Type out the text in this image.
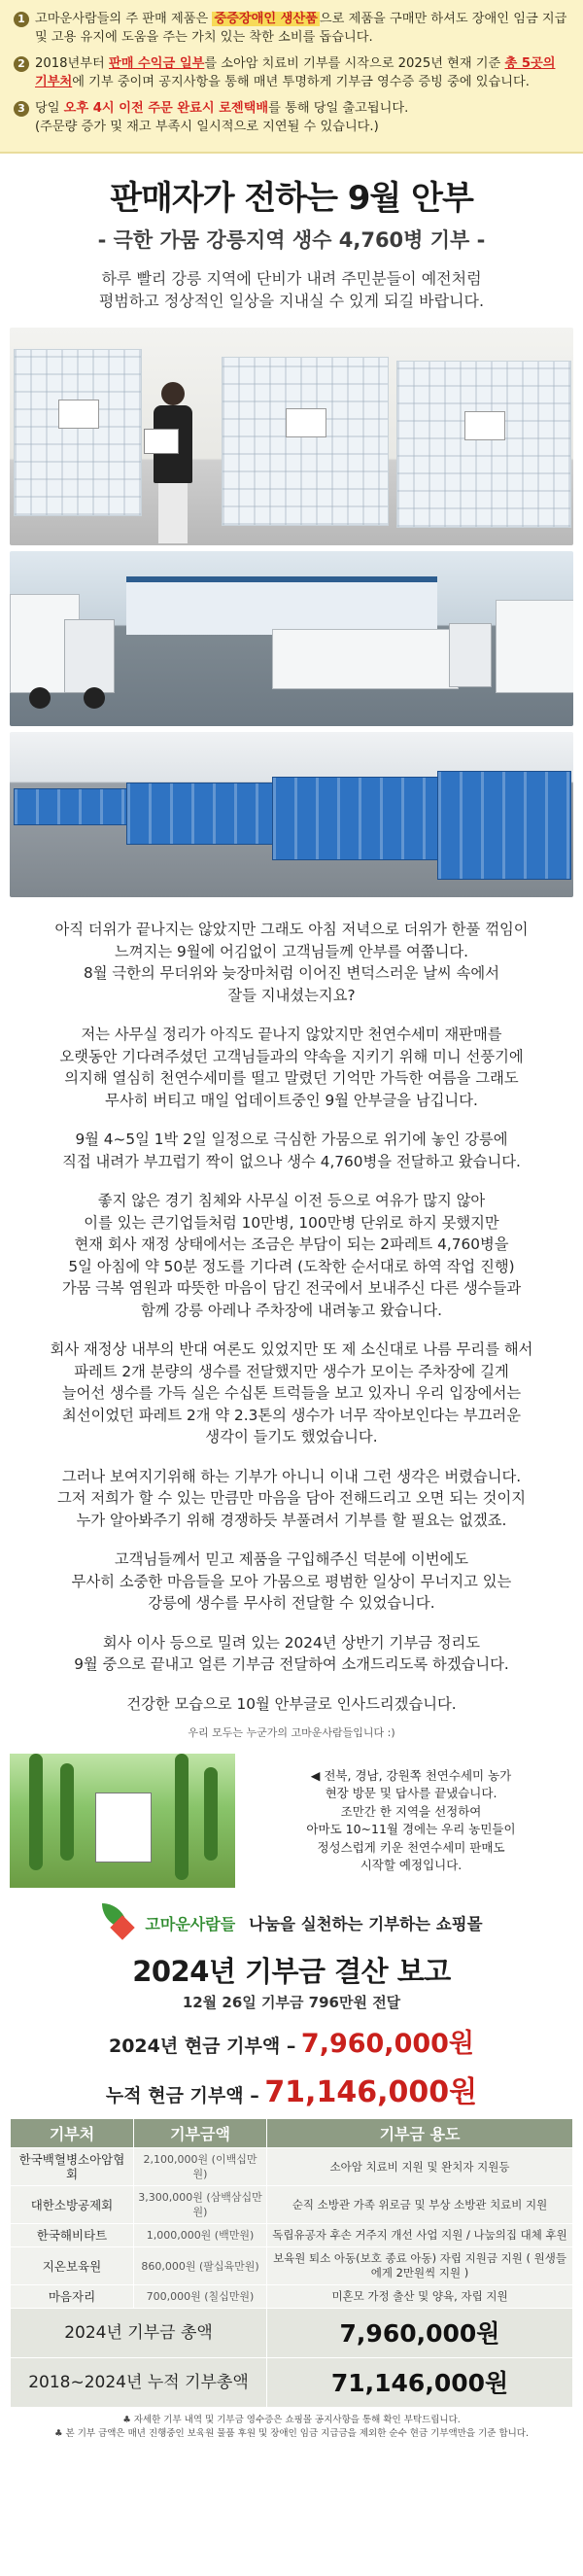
1 고마운사람들의 주 판매 제품은 중증장애인 생산품 으로 제품을 구매만 하셔도 장애인 임금 지급 및 고용 유지에 도움을 주는 가치 있는 착한 소비를 돕습니다.
2 2018년부터 판매 수익금 일부를 소아암 치료비 기부를 시작으로 2025년 현재 기준 총 5곳의 기부처에 기부 중이며 공지사항을 통해 매년 투명하게 기부금 영수증 증빙 중에 있습니다.
3 당일 오후 4시 이전 주문 완료시 로젠택배를 통해 당일 출고됩니다.
(주문량 증가 및 재고 부족시 일시적으로 지연될 수 있습니다.)
판매자가 전하는 9월 안부
- 극한 가뭄 강릉지역 생수 4,760병 기부 -
하루 빨리 강릉 지역에 단비가 내려 주민분들이 예전처럼
평범하고 정상적인 일상을 지내실 수 있게 되길 바랍니다.
아직 더위가 끝나지는 않았지만 그래도 아침 저녁으로 더위가 한풀 꺾임이
느껴지는 9월에 어김없이 고객님들께 안부를 여쭙니다.
8월 극한의 무더위와 늦장마처럼 이어진 변덕스러운 날씨 속에서
잘들 지내셨는지요?
저는 사무실 정리가 아직도 끝나지 않았지만 천연수세미 재판매를
오랫동안 기다려주셨던 고객님들과의 약속을 지키기 위해 미니 선풍기에
의지해 열심히 천연수세미를 떨고 말렸던 기억만 가득한 여름을 그래도
무사히 버티고 매일 업데이트중인 9월 안부글을 남깁니다.
9월 4~5일 1박 2일 일정으로 극심한 가뭄으로 위기에 놓인 강릉에
직접 내려가 부끄럽기 짝이 없으나 생수 4,760병을 전달하고 왔습니다.
좋지 않은 경기 침체와 사무실 이전 등으로 여유가 많지 않아
이를 있는 큰기업들처럼 10만병, 100만병 단위로 하지 못했지만
현재 회사 재정 상태에서는 조금은 부담이 되는 2파레트 4,760병을
5일 아침에 약 50분 정도를 기다려 (도착한 순서대로 하역 작업 진행)
가뭄 극복 염원과 따뜻한 마음이 담긴 전국에서 보내주신 다른 생수들과
함께 강릉 아레나 주차장에 내려놓고 왔습니다.
회사 재정상 내부의 반대 여론도 있었지만 또 제 소신대로 나름 무리를 해서
파레트 2개 분량의 생수를 전달했지만 생수가 모이는 주차장에 길게
늘어선 생수를 가득 실은 수십톤 트럭들을 보고 있자니 우리 입장에서는
최선이었던 파레트 2개 약 2.3톤의 생수가 너무 작아보인다는 부끄러운
생각이 들기도 했었습니다.
그러나 보여지기위해 하는 기부가 아니니 이내 그런 생각은 버렸습니다.
그저 저희가 할 수 있는 만큼만 마음을 담아 전해드리고 오면 되는 것이지
누가 알아봐주기 위해 경쟁하듯 부풀려서 기부를 할 필요는 없겠죠.
고객님들께서 믿고 제품을 구입해주신 덕분에 이번에도
무사히 소중한 마음들을 모아 가뭄으로 평범한 일상이 무너지고 있는
강릉에 생수를 무사히 전달할 수 있었습니다.
회사 이사 등으로 밀려 있는 2024년 상반기 기부금 정리도
9월 중으로 끝내고 얼른 기부금 전달하여 소개드리도록 하겠습니다.
건강한 모습으로 10월 안부글로 인사드리겠습니다.
우리 모두는 누군가의 고마운사람들입니다 :)
◀ 전북, 경남, 강원쪽 천연수세미 농가
현장 방문 및 답사를 끝냈습니다.
조만간 한 지역을 선정하여
아마도 10~11월 경에는 우리 농민들이
정성스럽게 키운 천연수세미 판매도
시작할 예정입니다.
고마운사람들 나눔을 실천하는 기부하는 쇼핑몰
2024년 기부금 결산 보고
12월 26일 기부금 796만원 전달
2024년 현금 기부액 – 7,960,000원
누적 현금 기부액 – 71,146,000원
기부처	기부금액	기부금 용도
한국백혈병소아암협회	2,100,000원 (이백십만원)	소아암 치료비 지원 및 완치자 지원등
대한소방공제회	3,300,000원 (삼백삼십만원)	순직 소방관 가족 위로금 및 부상 소방관 치료비 지원
한국해비타트	1,000,000원 (백만원)	독립유공자 후손 거주지 개선 사업 지원 / 나눔의집 대체 후원
지온보육원	860,000원 (팔십육만원)	보육원 퇴소 아동(보호 종료 아동) 자립 지원금 지원 ( 원생들에게 2만원씩 지원 )
마음자리	700,000원 (칠십만원)	미혼모 가정 출산 및 양육, 자립 지원
2024년 기부금 총액		7,960,000원
2018~2024년 누적 기부총액		71,146,000원
♣ 자세한 기부 내역 및 기부금 영수증은 쇼핑몰 공지사항을 통해 확인 부탁드립니다.
♣ 본 기부 금액은 매년 진행중인 보육원 물품 후원 및 장애인 임금 지급금을 제외한 순수 현금 기부액만을 기준 합니다.
